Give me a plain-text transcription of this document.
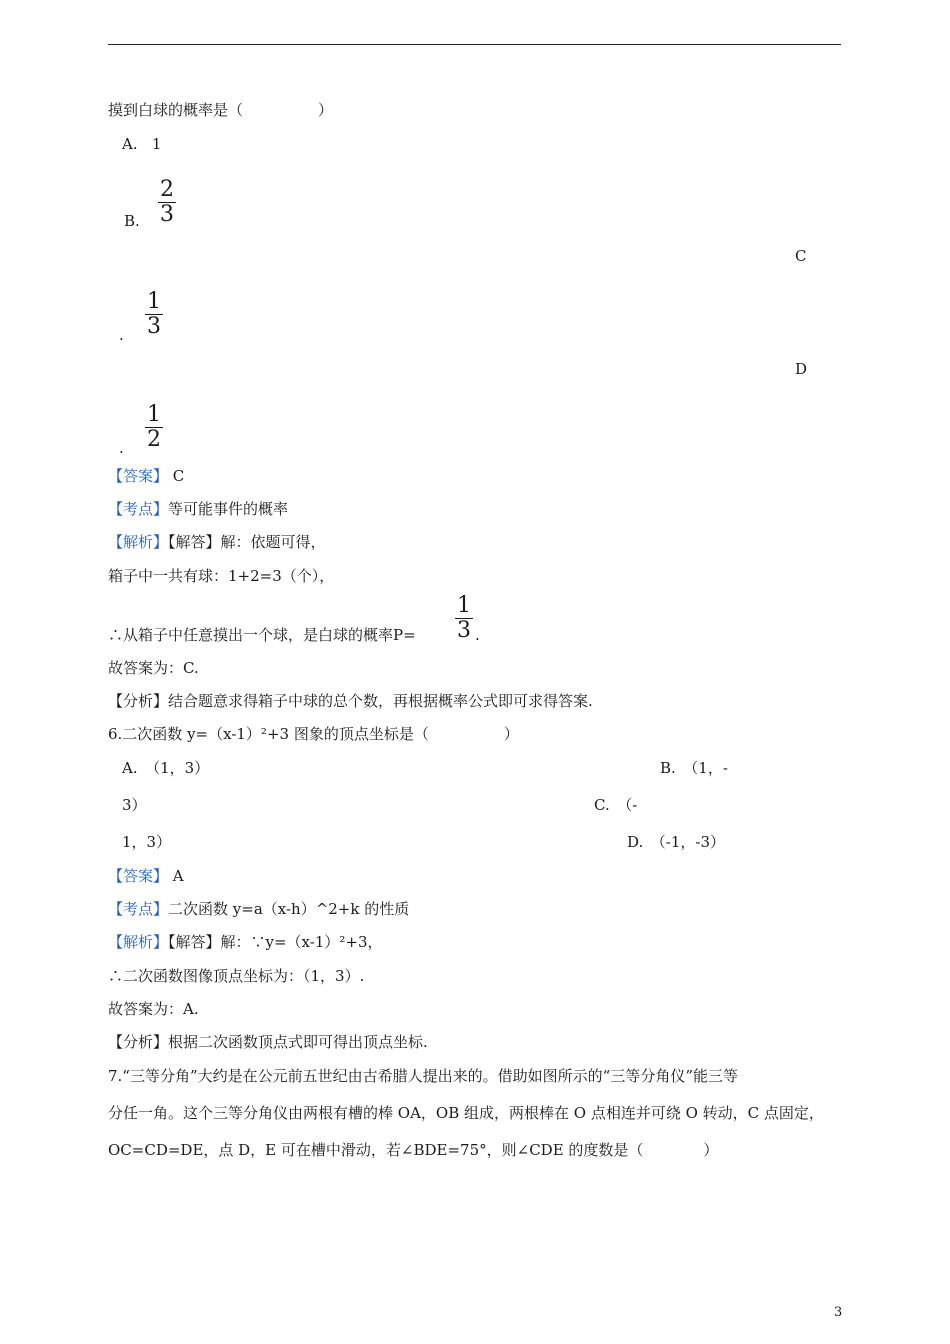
摸到白球的概率是（　　　　　）
A. 1
B.
2
3
C
.
1
3
D
.
1
2
【答案】 C
【考点】等可能事件的概率
【解析】【解答】解：依题可得，
箱子中一共有球：1+2=3（个），
∴从箱子中任意摸出一个球，是白球的概率P=
1
3 .
故答案为：C.
【分析】结合题意求得箱子中球的总个数，再根据概率公式即可求得答案.
6.二次函数 y=（x-1）²+3 图象的顶点坐标是（　　　　　）
A.　（1，3）	B.　（1，-
3）	C.　（-
1，3）	D.　（-1，-3）
【答案】 A
【考点】二次函数 y=a（x-h）^2+k 的性质
【解析】【解答】解：∵y=（x-1）²+3，
∴二次函数图像顶点坐标为：（1，3）.
故答案为：A.
【分析】根据二次函数顶点式即可得出顶点坐标.
7.“三等分角”大约是在公元前五世纪由古希腊人提出来的。借助如图所示的“三等分角仪”能三等
分任一角。这个三等分角仪由两根有槽的棒 OA，OB 组成，两根棒在 O 点相连并可绕 O 转动，C 点固定，
OC=CD=DE，点 D，E 可在槽中滑动，若∠BDE=75°，则∠CDE 的度数是（　　　　）
3
